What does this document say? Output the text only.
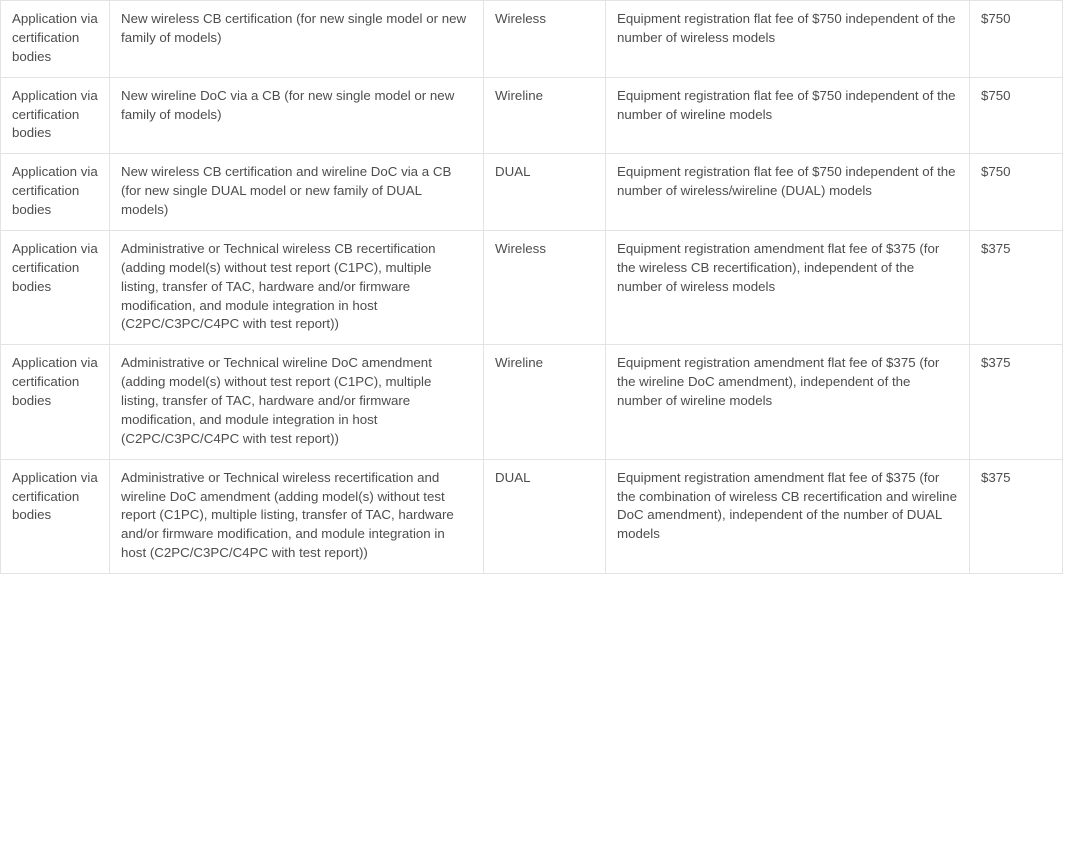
Application via certification bodies	New wireless CB certification (for new single model or new family of models)	Wireless	Equipment registration flat fee of $750 independent of the number of wireless models	$750

Application via certification bodies	New wireline DoC via a CB (for new single model or new family of models)	Wireline	Equipment registration flat fee of $750 independent of the number of wireline models	$750

Application via certification bodies	New wireless CB certification and wireline DoC via a CB (for new single DUAL model or new family of DUAL models)	DUAL	Equipment registration flat fee of $750 independent of the number of wireless/wireline (DUAL) models	$750

Application via certification bodies	Administrative or Technical wireless CB recertification (adding model(s) without test report (C1PC), multiple listing, transfer of TAC, hardware and/or firmware modification, and module integration in host (C2PC/C3PC/C4PC with test report))	Wireless	Equipment registration amendment flat fee of $375 (for the wireless CB recertification), independent of the number of wireless models	$375

Application via certification bodies	Administrative or Technical wireline DoC amendment (adding model(s) without test report (C1PC), multiple listing, transfer of TAC, hardware and/or firmware modification, and module integration in host (C2PC/C3PC/C4PC with test report))	Wireline	Equipment registration amendment flat fee of $375 (for the wireline DoC amendment), independent of the number of wireline models	$375

Application via certification bodies	Administrative or Technical wireless recertification and wireline DoC amendment (adding model(s) without test report (C1PC), multiple listing, transfer of TAC, hardware and/or firmware modification, and module integration in host (C2PC/C3PC/C4PC with test report))	DUAL	Equipment registration amendment flat fee of $375 (for the combination of wireless CB recertification and wireline DoC amendment), independent of the number of DUAL models	$375
